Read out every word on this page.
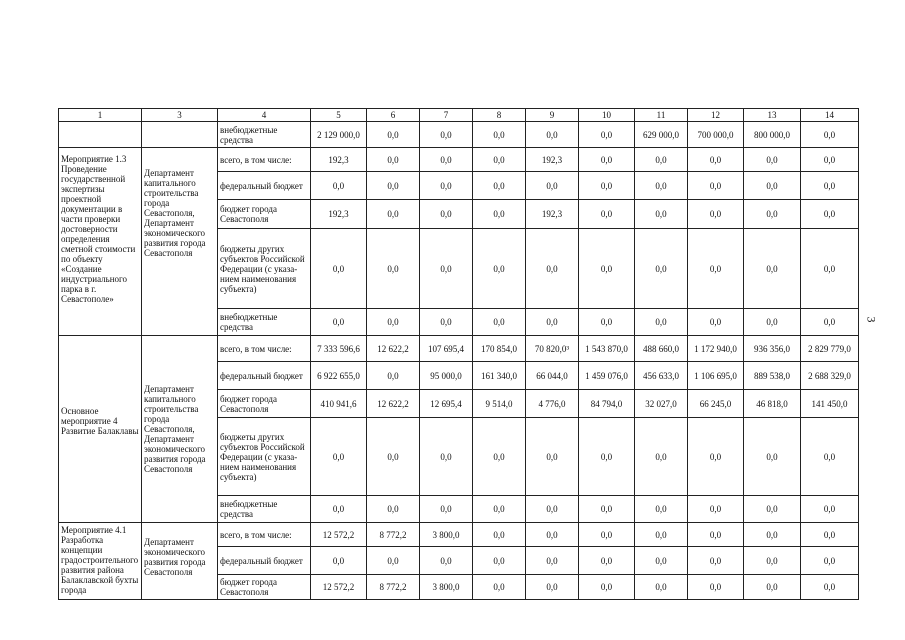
1	3	4	5	6	7	8	9	10	11	12	13	14
		внебюджетные средства	2 129 000,0	0,0	0,0	0,0	0,0	0,0	629 000,0	700 000,0	800 000,0	0,0
Мероприятие 1.3 Проведение государственной экспертизы проектной документации в части проверки достоверности определения сметной стоимости по объекту «Создание индустриального парка в г. Севастополе»	Департамент капитального строительства города Севастополя, Департамент экономического развития города Севастополя	всего, в том числе:	192,3	0,0	0,0	0,0	192,3	0,0	0,0	0,0	0,0	0,0
		федеральный бюджет	0,0	0,0	0,0	0,0	0,0	0,0	0,0	0,0	0,0	0,0
		бюджет города Севастополя	192,3	0,0	0,0	0,0	192,3	0,0	0,0	0,0	0,0	0,0
		бюджеты других субъектов Российской Федерации (с указа-нием наименования субъекта)	0,0	0,0	0,0	0,0	0,0	0,0	0,0	0,0	0,0	0,0
		внебюджетные средства	0,0	0,0	0,0	0,0	0,0	0,0	0,0	0,0	0,0	0,0
Основное мероприятие 4 Развитие Балаклавы	Департамент капитального строительства города Севастополя, Департамент экономического развития города Севастополя	всего, в том числе:	7 333 596,6	12 622,2	107 695,4	170 854,0	70 820,0³	1 543 870,0	488 660,0	1 172 940,0	936 356,0	2 829 779,0
		федеральный бюджет	6 922 655,0	0,0	95 000,0	161 340,0	66 044,0	1 459 076,0	456 633,0	1 106 695,0	889 538,0	2 688 329,0
		бюджет города Севастополя	410 941,6	12 622,2	12 695,4	9 514,0	4 776,0	84 794,0	32 027,0	66 245,0	46 818,0	141 450,0
		бюджеты других субъектов Российской Федерации (с указа-нием наименования субъекта)	0,0	0,0	0,0	0,0	0,0	0,0	0,0	0,0	0,0	0,0
		внебюджетные средства	0,0	0,0	0,0	0,0	0,0	0,0	0,0	0,0	0,0	0,0
Мероприятие 4.1 Разработка концепции градостроительного развития района Балаклавской бухты города	Департамент экономического развития города Севастополя	всего, в том числе:	12 572,2	8 772,2	3 800,0	0,0	0,0	0,0	0,0	0,0	0,0	0,0
		федеральный бюджет	0,0	0,0	0,0	0,0	0,0	0,0	0,0	0,0	0,0	0,0
		бюджет города Севастополя	12 572,2	8 772,2	3 800,0	0,0	0,0	0,0	0,0	0,0	0,0	0,0
3
